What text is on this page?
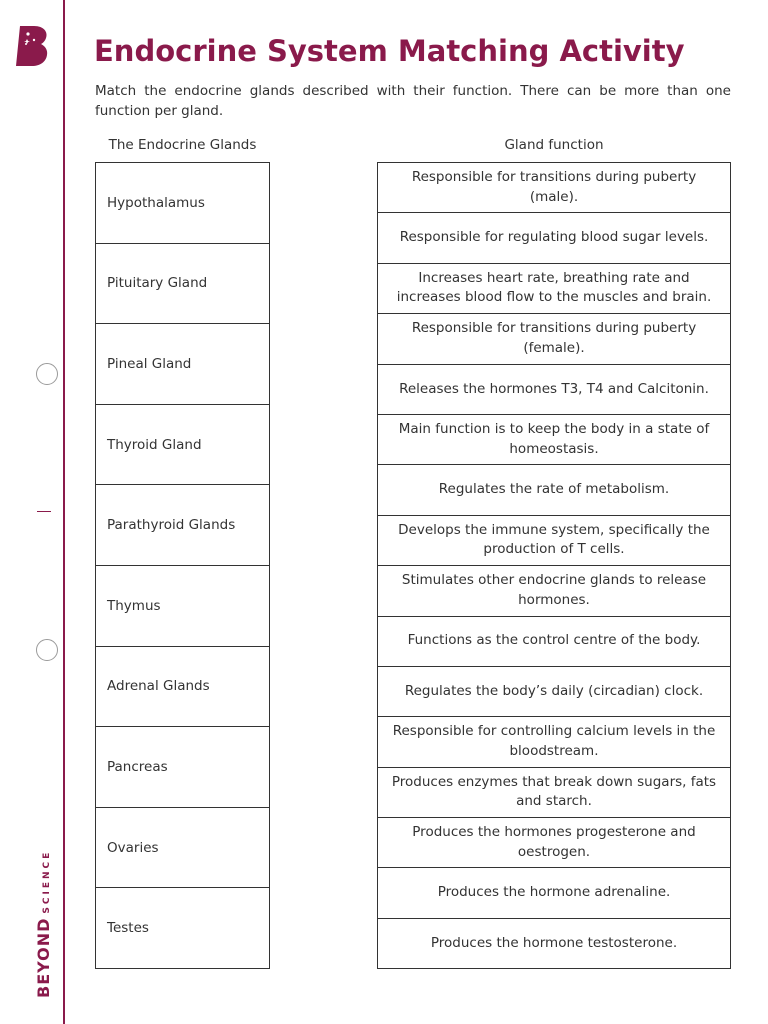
BEYONDSCIENCE
Endocrine System Matching Activity

Match the endocrine glands described with their function. There can be more than one function per gland.

The Endocrine Glands	Gland function
Hypothalamus
Pituitary Gland
Pineal Gland
Thyroid Gland
Parathyroid Glands
Thymus
Adrenal Glands
Pancreas
Ovaries
Testes
Responsible for transitions during puberty (male).
Responsible for regulating blood sugar levels.
Increases heart rate, breathing rate and increases blood flow to the muscles and brain.
Responsible for transitions during puberty (female).
Releases the hormones T3, T4 and Calcitonin.
Main function is to keep the body in a state of homeostasis.
Regulates the rate of metabolism.
Develops the immune system, specifically the production of T cells.
Stimulates other endocrine glands to release hormones.
Functions as the control centre of the body.
Regulates the body’s daily (circadian) clock.
Responsible for controlling calcium levels in the bloodstream.
Produces enzymes that break down sugars, fats and starch.
Produces the hormones progesterone and oestrogen.
Produces the hormone adrenaline.
Produces the hormone testosterone.
